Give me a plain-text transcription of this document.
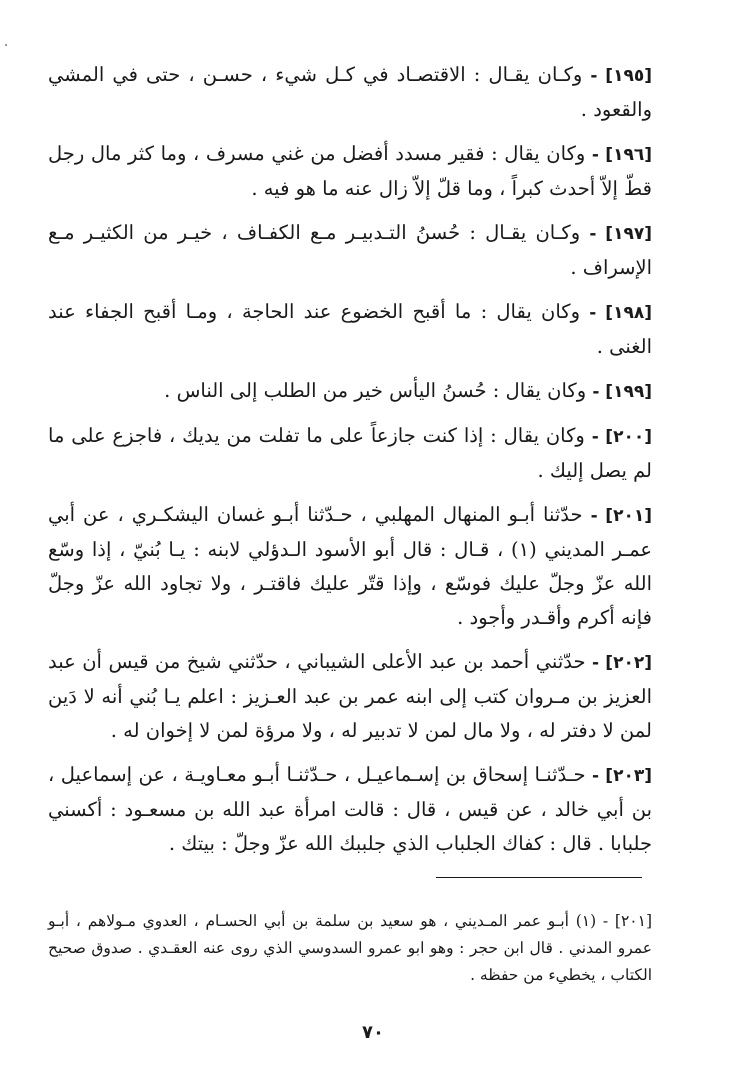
[١٩٥] - وكـان يقـال : الاقتصـاد في كـل شيء ، حسـن ، حتى في المشي والقعود .

[١٩٦] - وكان يقال : فقير مسدد أفضل من غني مسرف ، وما كثر مال رجل قطّ إلاّ أحدث كبراً ، وما قلّ إلاّ زال عنه ما هو فيه .

[١٩٧] - وكـان يقـال : حُسنُ التـدبيـر مـع الكفـاف ، خيـر من الكثيـر مـع الإسراف .

[١٩٨] - وكان يقال : ما أقبح الخضوع عند الحاجة ، ومـا أقبح الجفاء عند الغنى .

[١٩٩] - وكان يقال : حُسنُ اليأس خير من الطلب إلى الناس .

[٢٠٠] - وكان يقال : إذا كنت جازعاً على ما تفلت من يديك ، فاجزع على ما لم يصل إليك .

[٢٠١] - حدّثنا أبـو المنهال المهلبي ، حـدّثنا أبـو غسان اليشكـري ، عن أبي عمـر المديني (١) ، قـال : قال أبو الأسود الـدؤلي لابنه : يـا بُنيّ ، إذا وسّع الله عزّ وجلّ عليك فوسّع ، وإذا قتّر عليك فاقتـر ، ولا تجاود الله عزّ وجلّ فإنه أكرم وأقـدر وأجود .

[٢٠٢] - حدّثني أحمد بن عبد الأعلى الشيباني ، حدّثني شيخ من قيس أن عبد العزيز بن مـروان كتب إلى ابنه عمر بن عبد العـزيز : اعلم يـا بُني أنه لا دَين لمن لا دفتر له ، ولا مال لمن لا تدبير له ، ولا مرؤة لمن لا إخوان له .

[٢٠٣] - حـدّثنـا إسحاق بن إسـماعيـل ، حـدّثنـا أبـو معـاويـة ، عن إسماعيل ، بن أبي خالد ، عن قيس ، قال : قالت امرأة عبد الله بن مسعـود : أكسني جلبابا . قال : كفاك الجلباب الذي جلببك الله عزّ وجلّ : بيتك .

[٢٠١] - (١) أبـو عمر المـديني ، هو سعيد بن سلمة بن أبي الحسـام ، العدوي مـولاهم ، أبـو عمرو المدني . قال ابن حجر : وهو ابو عمرو السدوسي الذي روى عنه العقـدي . صدوق صحيح الكتاب ، يخطيء من حفظه .
٧٠
